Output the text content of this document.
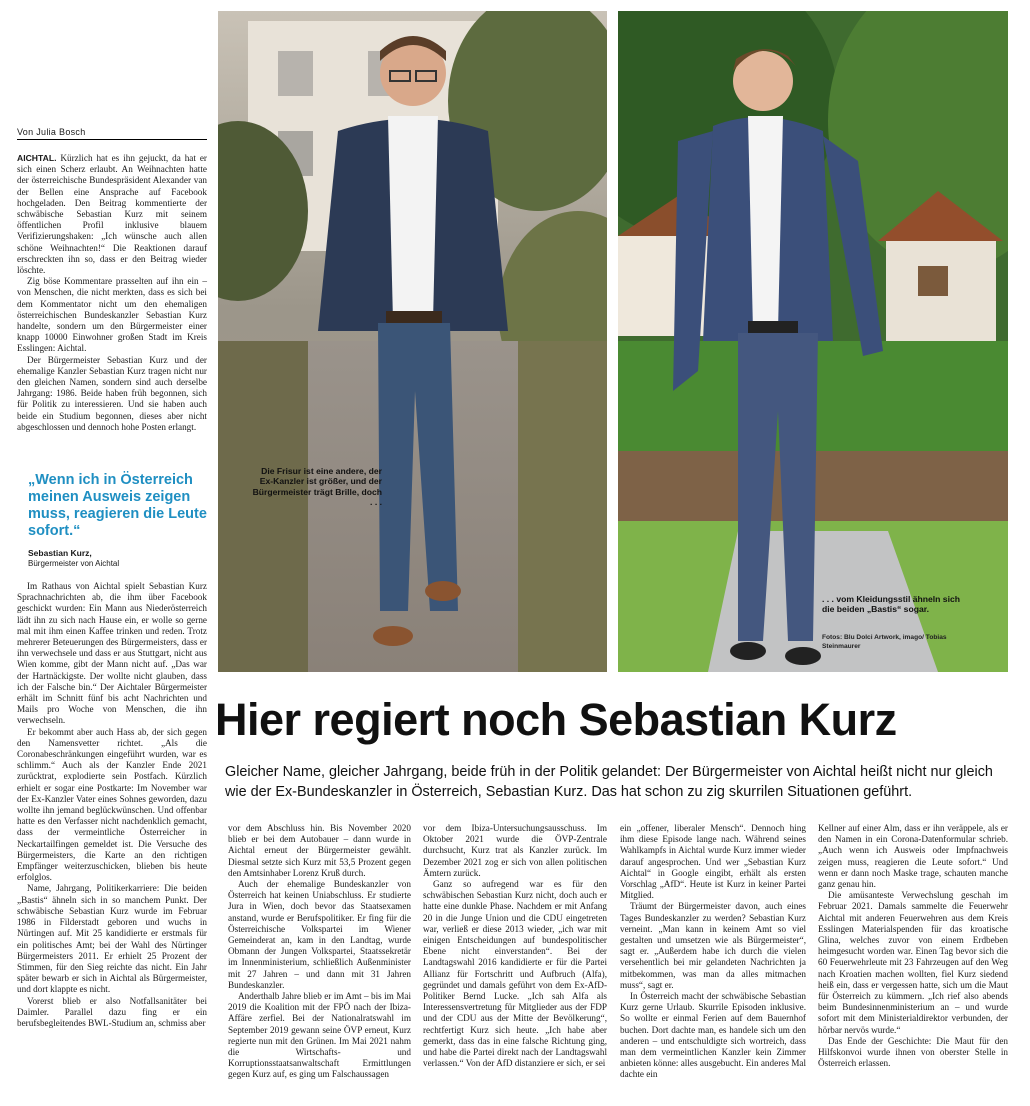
Von Julia Bosch

AICHTAL. Kürzlich hat es ihn gejuckt, da hat er sich einen Scherz erlaubt. An Weihnachten hatte der österreichische Bundespräsident Alexander van der Bellen eine Ansprache auf Facebook hochgeladen. Den Beitrag kommentierte der schwäbische Sebastian Kurz mit seinem öffentlichen Profil inklusive blauem Verifizierungshaken: „Ich wünsche auch allen schöne Weihnachten!“ Die Reaktionen darauf erschreckten ihn so, dass er den Beitrag wieder löschte.

Zig böse Kommentare prasselten auf ihn ein – von Menschen, die nicht merkten, dass es sich bei dem Kommentator nicht um den ehemaligen österreichischen Bundeskanzler Sebastian Kurz handelte, sondern um den Bürgermeister einer knapp 10000 Einwohner großen Stadt im Kreis Esslingen: Aichtal.

Der Bürgermeister Sebastian Kurz und der ehemalige Kanzler Sebastian Kurz tragen nicht nur den gleichen Namen, sondern sind auch derselbe Jahrgang: 1986. Beide haben früh begonnen, sich für Politik zu interessieren. Und sie haben auch beide ein Studium begonnen, dieses aber nicht abgeschlossen und dennoch hohe Posten erlangt.

„Wenn ich in Österreich meinen Ausweis zeigen muss, reagieren die Leute sofort.“
Sebastian Kurz,
Bürgermeister von Aichtal

Im Rathaus von Aichtal spielt Sebastian Kurz Sprachnachrichten ab, die ihm über Facebook geschickt wurden: Ein Mann aus Niederösterreich lädt ihn zu sich nach Hause ein, er wolle so gerne mal mit ihm einen Kaffee trinken und reden. Trotz mehrerer Beteuerungen des Bürgermeisters, dass er ihn verwechsele und dass er aus Stuttgart, nicht aus Wien komme, gibt der Mann nicht auf. „Das war der Hartnäckigste. Der wollte nicht glauben, dass ich der Falsche bin.“ Der Aichtaler Bürgermeister erhält im Schnitt fünf bis acht Nachrichten und Mails pro Woche von Menschen, die ihn verwechseln.

Er bekommt aber auch Hass ab, der sich gegen den Namensvetter richtet. „Als die Coronabeschränkungen eingeführt wurden, war es schlimm.“ Auch als der Kanzler Ende 2021 zurücktrat, explodierte sein Postfach. Kürzlich erhielt er sogar eine Postkarte: Im November war der Ex-Kanzler Vater eines Sohnes geworden, dazu wollte ihn jemand beglückwünschen. Und offenbar hatte es den Verfasser nicht nachdenklich gemacht, dass der vermeintliche Österreicher in Neckartailfingen gemeldet ist. Die Versuche des Bürgermeisters, die Karte an den richtigen Empfänger weiterzuschicken, blieben bis heute erfolglos.

Name, Jahrgang, Politikerkarriere: Die beiden „Bastis“ ähneln sich in so manchem Punkt. Der schwäbische Sebastian Kurz wurde im Februar 1986 in Filderstadt geboren und wuchs in Nürtingen auf. Mit 25 kandidierte er erstmals für ein politisches Amt; bei der Wahl des Nürtinger Bürgermeisters 2011. Er erhielt 25 Prozent der Stimmen, für den Sieg reichte das nicht. Ein Jahr später bewarb er sich in Aichtal als Bürgermeister, und dort klappte es nicht.

Vorerst blieb er also Notfallsanitäter bei Daimler. Parallel dazu fing er ein berufsbegleitendes BWL-Studium an, schmiss aber

Die Frisur ist eine andere, der Ex-Kanzler ist größer, und der Bürgermeister trägt Brille, doch . . .
. . . vom Kleidungsstil ähneln sich die beiden „Bastis“ sogar.
Fotos: Blu Dolci Artwork, imago/ Tobias Steinmaurer
Hier regiert noch Sebastian Kurz
Gleicher Name, gleicher Jahrgang, beide früh in der Politik gelandet: Der Bürgermeister von Aichtal heißt nicht nur gleich wie der Ex-Bundeskanzler in Österreich, Sebastian Kurz. Das hat schon zu zig skurrilen Situationen geführt.

vor dem Abschluss hin. Bis November 2020 blieb er bei dem Autobauer – dann wurde in Aichtal erneut der Bürgermeister gewählt. Diesmal setzte sich Kurz mit 53,5 Prozent gegen den Amtsinhaber Lorenz Kruß durch.

Auch der ehemalige Bundeskanzler von Österreich hat keinen Uniabschluss. Er studierte Jura in Wien, doch bevor das Staatsexamen anstand, wurde er Berufspolitiker. Er fing für die Österreichische Volkspartei im Wiener Gemeinderat an, kam in den Landtag, wurde Obmann der Jungen Volkspartei, Staatssekretär im Innenministerium, schließlich Außenminister mit 27 Jahren – und dann mit 31 Jahren Bundeskanzler.

Anderthalb Jahre blieb er im Amt – bis im Mai 2019 die Koalition mit der FPÖ nach der Ibiza-Affäre zerfiel. Bei der Nationalratswahl im September 2019 gewann seine ÖVP erneut, Kurz regierte nun mit den Grünen. Im Mai 2021 nahm die Wirtschafts- und Korruptionsstaatsanwaltschaft Ermittlungen gegen Kurz auf, es ging um Falschaussagen

vor dem Ibiza-Untersuchungsausschuss. Im Oktober 2021 wurde die ÖVP-Zentrale durchsucht, Kurz trat als Kanzler zurück. Im Dezember 2021 zog er sich von allen politischen Ämtern zurück.

Ganz so aufregend war es für den schwäbischen Sebastian Kurz nicht, doch auch er hatte eine dunkle Phase. Nachdem er mit Anfang 20 in die Junge Union und die CDU eingetreten war, verließ er diese 2013 wieder, „ich war mit einigen Entscheidungen auf bundespolitischer Ebene nicht einverstanden“. Bei der Landtagswahl 2016 kandidierte er für die Partei Allianz für Fortschritt und Aufbruch (Alfa), gegründet und damals geführt von dem Ex-AfD-Politiker Bernd Lucke. „Ich sah Alfa als Interessensvertretung für Mitglieder aus der FDP und der CDU aus der Mitte der Bevölkerung“, rechtfertigt Kurz sich heute. „Ich habe aber gemerkt, dass das in eine falsche Richtung ging, und habe die Partei direkt nach der Landtagswahl verlassen.“ Von der AfD distanziere er sich, er sei

ein „offener, liberaler Mensch“. Dennoch hing ihm diese Episode lange nach. Während seines Wahlkampfs in Aichtal wurde Kurz immer wieder darauf angesprochen. Und wer „Sebastian Kurz Aichtal“ in Google eingibt, erhält als ersten Vorschlag „AfD“. Heute ist Kurz in keiner Partei Mitglied.

Träumt der Bürgermeister davon, auch eines Tages Bundeskanzler zu werden? Sebastian Kurz verneint. „Man kann in keinem Amt so viel gestalten und umsetzen wie als Bürgermeister“, sagt er. „Außerdem habe ich durch die vielen versehentlich bei mir gelandeten Nachrichten ja mitbekommen, was man da alles mitmachen muss“, sagt er.

In Österreich macht der schwäbische Sebastian Kurz gerne Urlaub. Skurrile Episoden inklusive. So wollte er einmal Ferien auf dem Bauernhof buchen. Dort dachte man, es handele sich um den anderen – und entschuldigte sich wortreich, dass man dem vermeintlichen Kanzler kein Zimmer anbieten könne: alles ausgebucht. Ein anderes Mal dachte ein

Kellner auf einer Alm, dass er ihn veräppele, als er den Namen in ein Corona-Datenformular schrieb. „Auch wenn ich Ausweis oder Impfnachweis zeigen muss, reagieren die Leute sofort.“ Und wenn er dann noch Maske trage, schauten manche ganz genau hin.

Die amüsanteste Verwechslung geschah im Februar 2021. Damals sammelte die Feuerwehr Aichtal mit anderen Feuerwehren aus dem Kreis Esslingen Materialspenden für das kroatische Glina, welches zuvor von einem Erdbeben heimgesucht worden war. Einen Tag bevor sich die 60 Feuerwehrleute mit 23 Fahrzeugen auf den Weg nach Kroatien machen wollten, fiel Kurz siedend heiß ein, dass er vergessen hatte, sich um die Maut für Österreich zu kümmern. „Ich rief also abends beim Bundesinnenministerium an – und wurde sofort mit dem Ministerialdirektor verbunden, der hörbar nervös wurde.“

Das Ende der Geschichte: Die Maut für den Hilfskonvoi wurde ihnen von oberster Stelle in Österreich erlassen.
